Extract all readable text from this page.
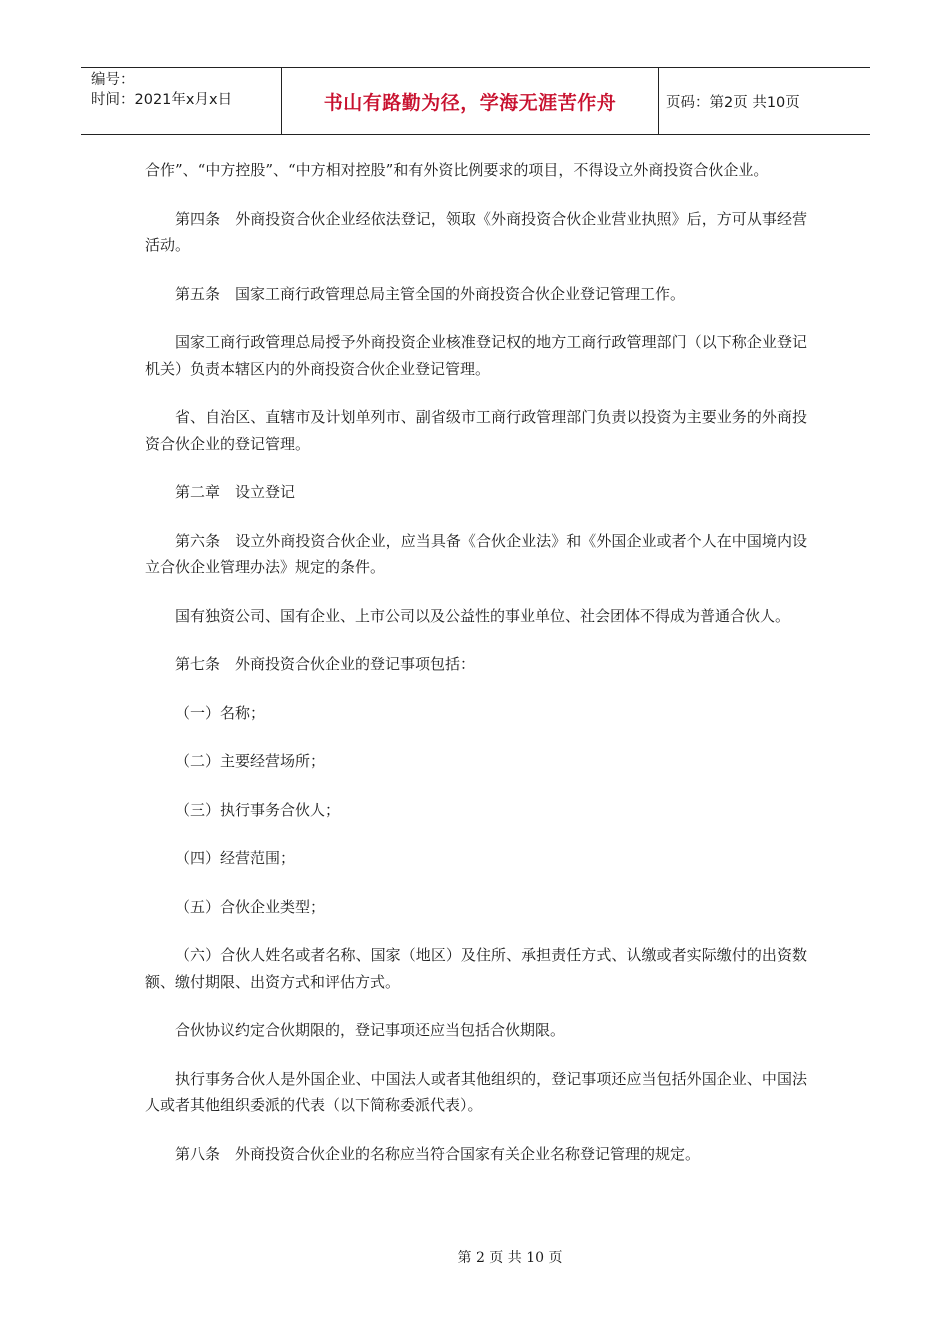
编号：
时间：2021年x月x日	书山有路勤为径，学海无涯苦作舟	页码：第2页 共10页

合作”、“中方控股”、“中方相对控股”和有外资比例要求的项目，不得设立外商投资合伙企业。

第四条　外商投资合伙企业经依法登记，领取《外商投资合伙企业营业执照》后，方可从事经营活动。

第五条　国家工商行政管理总局主管全国的外商投资合伙企业登记管理工作。

国家工商行政管理总局授予外商投资企业核准登记权的地方工商行政管理部门（以下称企业登记机关）负责本辖区内的外商投资合伙企业登记管理。

省、自治区、直辖市及计划单列市、副省级市工商行政管理部门负责以投资为主要业务的外商投资合伙企业的登记管理。

第二章　设立登记

第六条　设立外商投资合伙企业，应当具备《合伙企业法》和《外国企业或者个人在中国境内设立合伙企业管理办法》规定的条件。

国有独资公司、国有企业、上市公司以及公益性的事业单位、社会团体不得成为普通合伙人。

第七条　外商投资合伙企业的登记事项包括：

（一）名称；

（二）主要经营场所；

（三）执行事务合伙人；

（四）经营范围；

（五）合伙企业类型；

（六）合伙人姓名或者名称、国家（地区）及住所、承担责任方式、认缴或者实际缴付的出资数额、缴付期限、出资方式和评估方式。

合伙协议约定合伙期限的，登记事项还应当包括合伙期限。

执行事务合伙人是外国企业、中国法人或者其他组织的，登记事项还应当包括外国企业、中国法人或者其他组织委派的代表（以下简称委派代表）。

第八条　外商投资合伙企业的名称应当符合国家有关企业名称登记管理的规定。

第 2 页 共 10 页
